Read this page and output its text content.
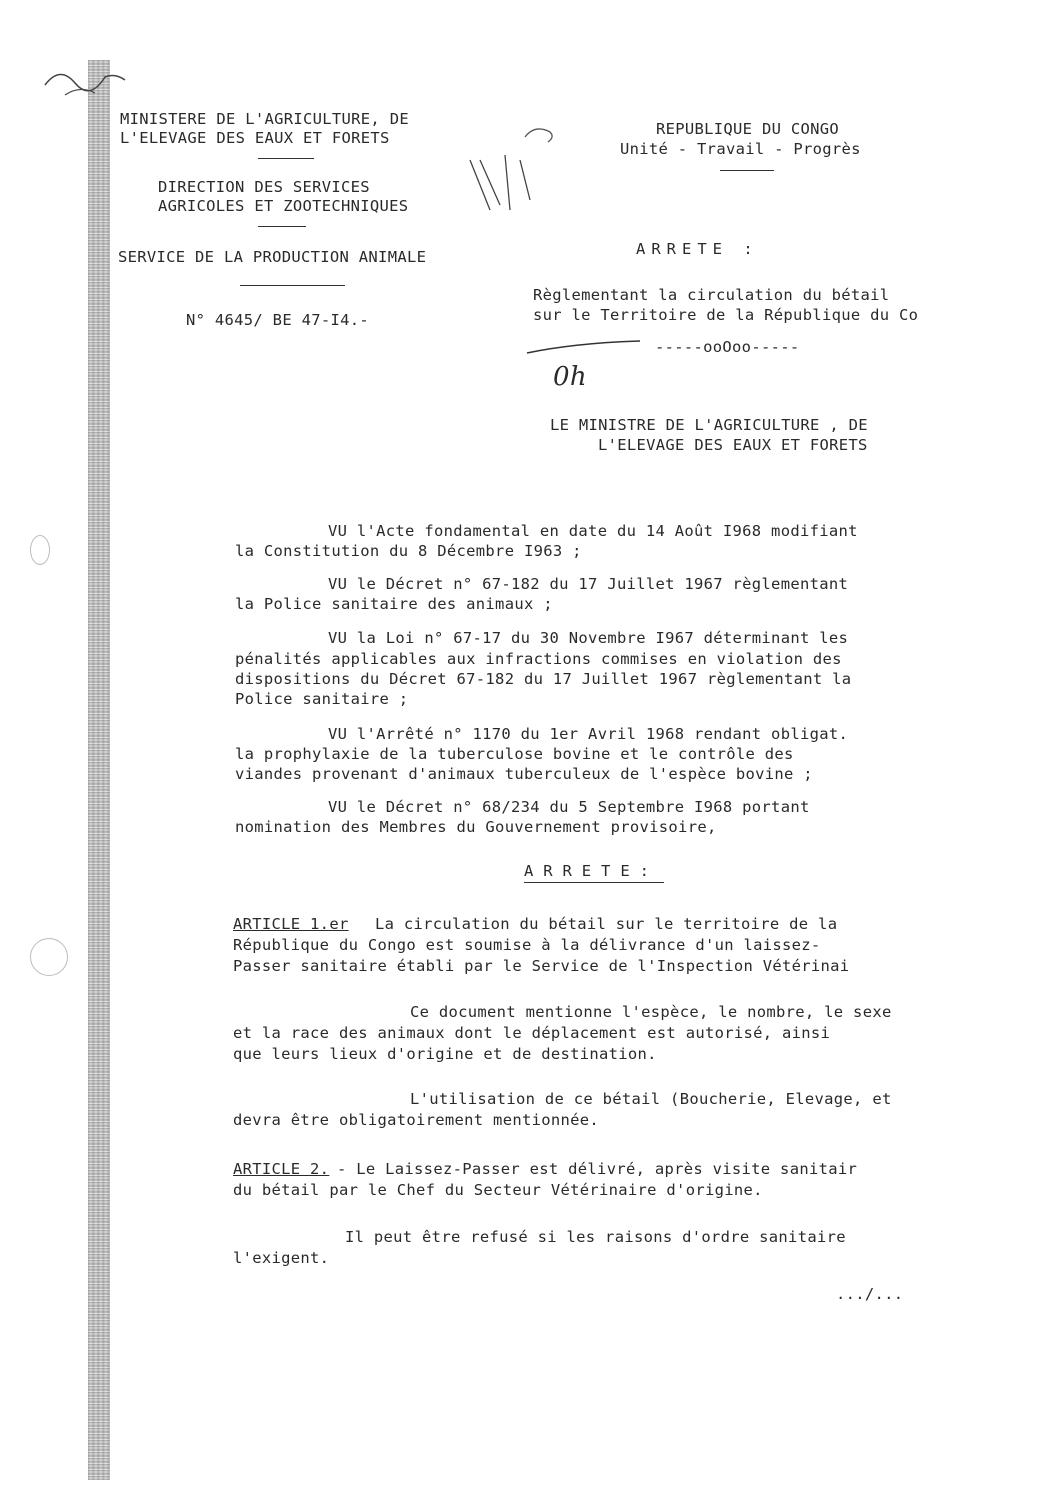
MINISTERE DE L'AGRICULTURE, DE
L'ELEVAGE DES EAUX ET FORETS
DIRECTION DES SERVICES
AGRICOLES ET ZOOTECHNIQUES
SERVICE DE LA PRODUCTION ANIMALE
N° 4645/ BE 47-I4.-
REPUBLIQUE DU CONGO
Unité - Travail - Progrès
ARRETE :
Règlementant la circulation du bétail
sur le Territoire de la République du Co
-----ooOoo-----
0h
LE MINISTRE DE L'AGRICULTURE , DE
L'ELEVAGE DES EAUX ET FORETS
VU l'Acte fondamental en date du 14 Août I968 modifiant
la Constitution du 8 Décembre I963 ;
VU le Décret n° 67-182 du 17 Juillet 1967 règlementant
la Police sanitaire des animaux ;
VU la Loi n° 67-17 du 30 Novembre I967 déterminant les
pénalités applicables aux infractions commises en violation des
dispositions du Décret 67-182 du 17 Juillet 1967 règlementant la
Police sanitaire ;
VU l'Arrêté n° 1170 du 1er Avril 1968 rendant obligat.
la prophylaxie de la tuberculose bovine et le contrôle des
viandes provenant d'animaux tuberculeux de l'espèce bovine ;
VU le Décret n° 68/234 du 5 Septembre I968 portant
nomination des Membres du Gouvernement provisoire,
A R R E T E :
ARTICLE 1.er La circulation du bétail sur le territoire de la
République du Congo est soumise à la délivrance d'un laissez-
Passer sanitaire établi par le Service de l'Inspection Vétérinai
Ce document mentionne l'espèce, le nombre, le sexe
et la race des animaux dont le déplacement est autorisé, ainsi
que leurs lieux d'origine et de destination.
L'utilisation de ce bétail (Boucherie, Elevage, et
devra être obligatoirement mentionnée.
ARTICLE 2. - Le Laissez-Passer est délivré, après visite sanitair
du bétail par le Chef du Secteur Vétérinaire d'origine.
Il peut être refusé si les raisons d'ordre sanitaire
l'exigent.
.../...
